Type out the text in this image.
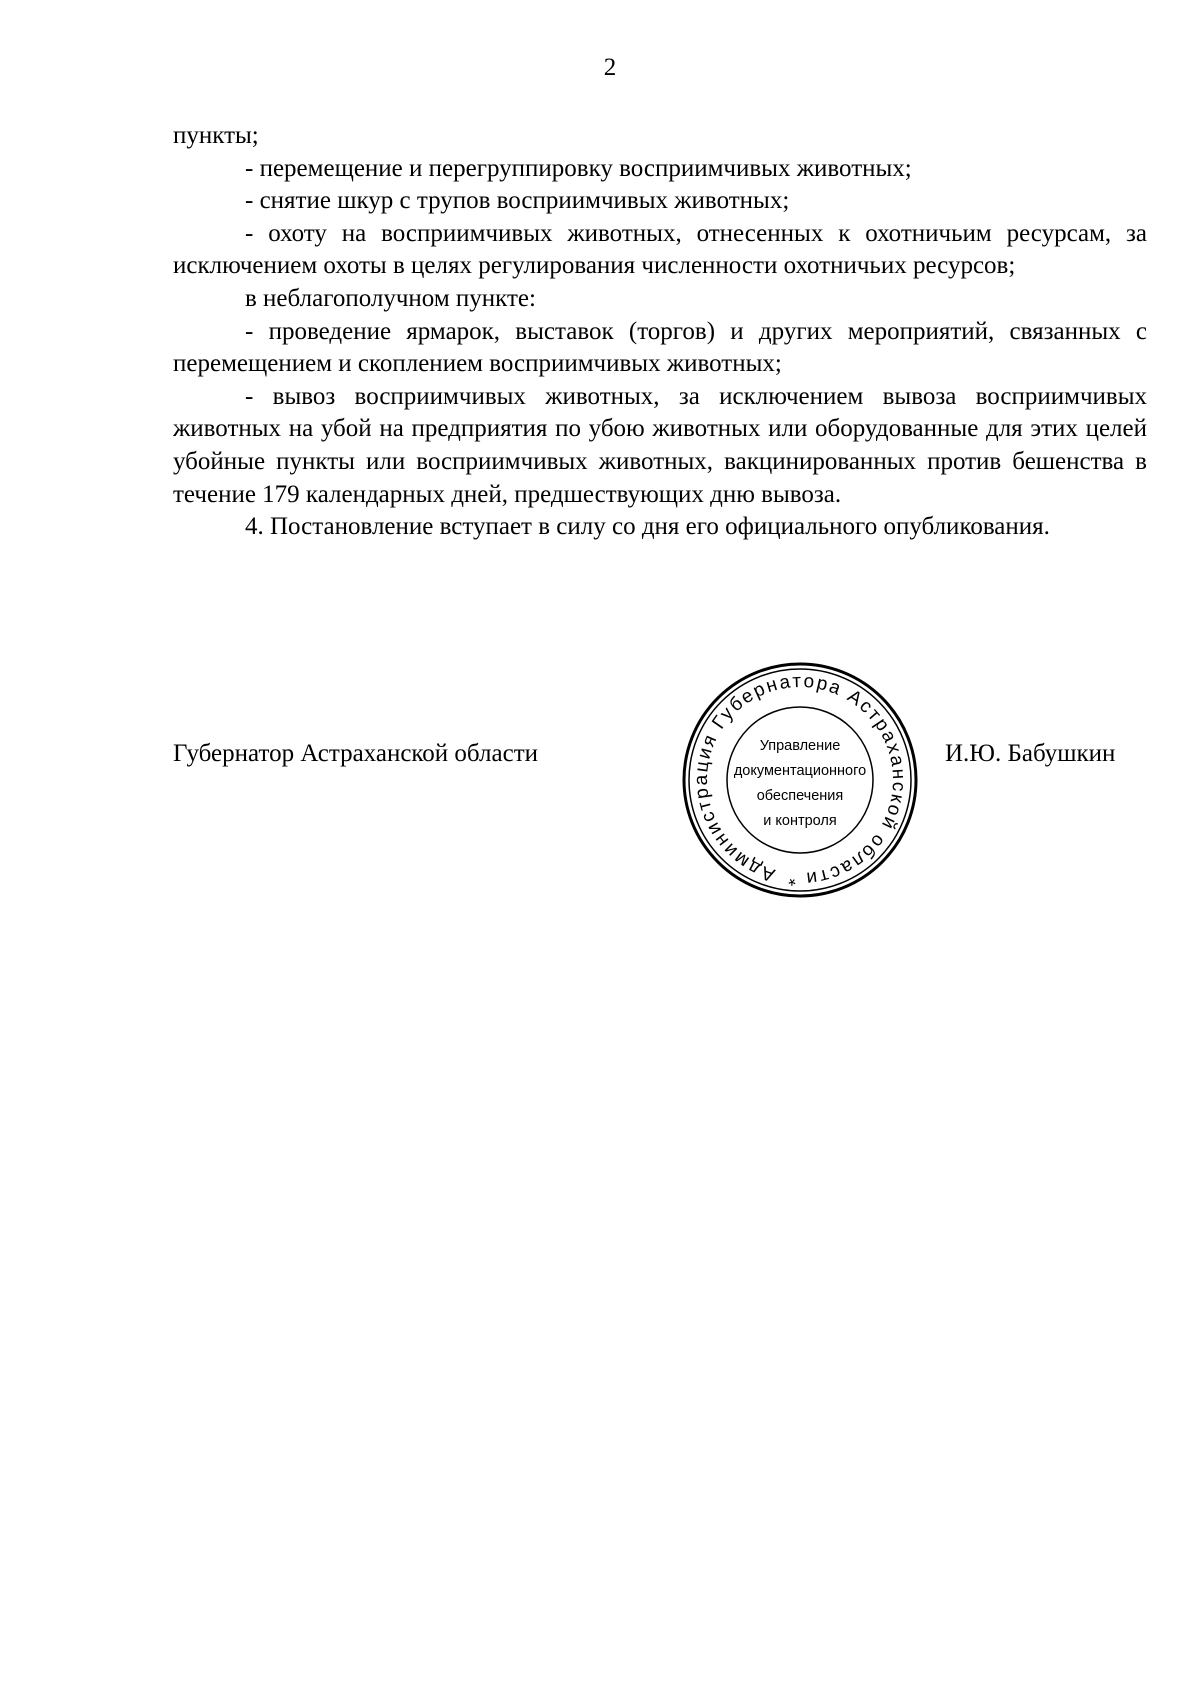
2

пункты;

- перемещение и перегруппировку восприимчивых животных;

- снятие шкур с трупов восприимчивых животных;

- охоту на восприимчивых животных, отнесенных к охотничьим ресурсам, за исключением охоты в целях регулирования численности охотничьих ресурсов;

в неблагополучном пункте:

- проведение ярмарок, выставок (торгов) и других мероприятий, связанных с перемещением и скоплением восприимчивых животных;

- вывоз восприимчивых животных, за исключением вывоза восприимчивых животных на убой на предприятия по убою животных или оборудованные для этих целей убойные пункты или восприимчивых животных, вакцинированных против бешенства в течение 179 календарных дней, предшествующих дню вывоза.

4. Постановление вступает в силу со дня его официального опубликования.

Губернатор Астраханской области
Администрация Губернатора Астраханской области *
Управление
документационного
обеспечения
и контроля
И.Ю. Бабушкин
